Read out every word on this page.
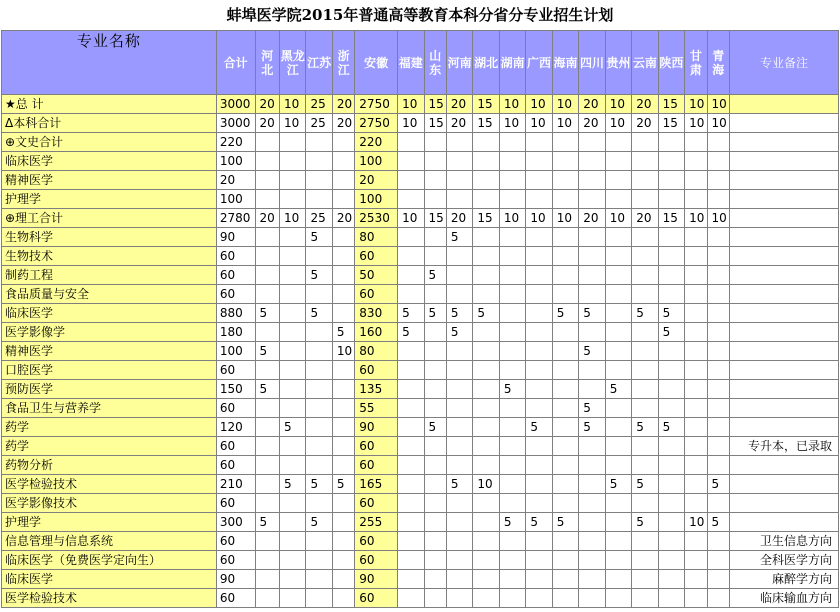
蚌埠医学院2015年普通高等教育本科分省分专业招生计划
专业名称	合计	河北	黑龙江	江苏	浙江	安徽	福建	山东	河南	湖北	湖南	广西	海南	四川	贵州	云南	陕西	甘肃	青海	专业备注
★总 计	3000	20	10	25	20	2750	10	15	20	15	10	10	10	20	10	20	15	10	10	
Δ本科合计	3000	20	10	25	20	2750	10	15	20	15	10	10	10	20	10	20	15	10	10	
⊕文史合计	220					220														
临床医学	100					100														
精神医学	20					20														
护理学	100					100														
⊕理工合计	2780	20	10	25	20	2530	10	15	20	15	10	10	10	20	10	20	15	10	10	
生物科学	90			5		80			5											
生物技术	60					60														
制药工程	60			5		50		5												
食品质量与安全	60					60														
临床医学	880	5		5		830	5	5	5	5			5	5		5	5			
医学影像学	180				5	160	5		5								5			
精神医学	100	5			10	80								5						
口腔医学	60					60														
预防医学	150	5				135					5				5					
食品卫生与营养学	60					55								5						
药学	120		5			90		5				5		5		5	5			
药学	60					60														专升本，已录取
药物分析	60					60														
医学检验技术	210		5	5	5	165			5	10					5	5			5	
医学影像技术	60					60														
护理学	300	5		5		255					5	5	5			5		10	5	
信息管理与信息系统	60					60														卫生信息方向
临床医学（免费医学定向生）	60					60														全科医学方向
临床医学	90					90														麻醉学方向
医学检验技术	60					60														临床输血方向
